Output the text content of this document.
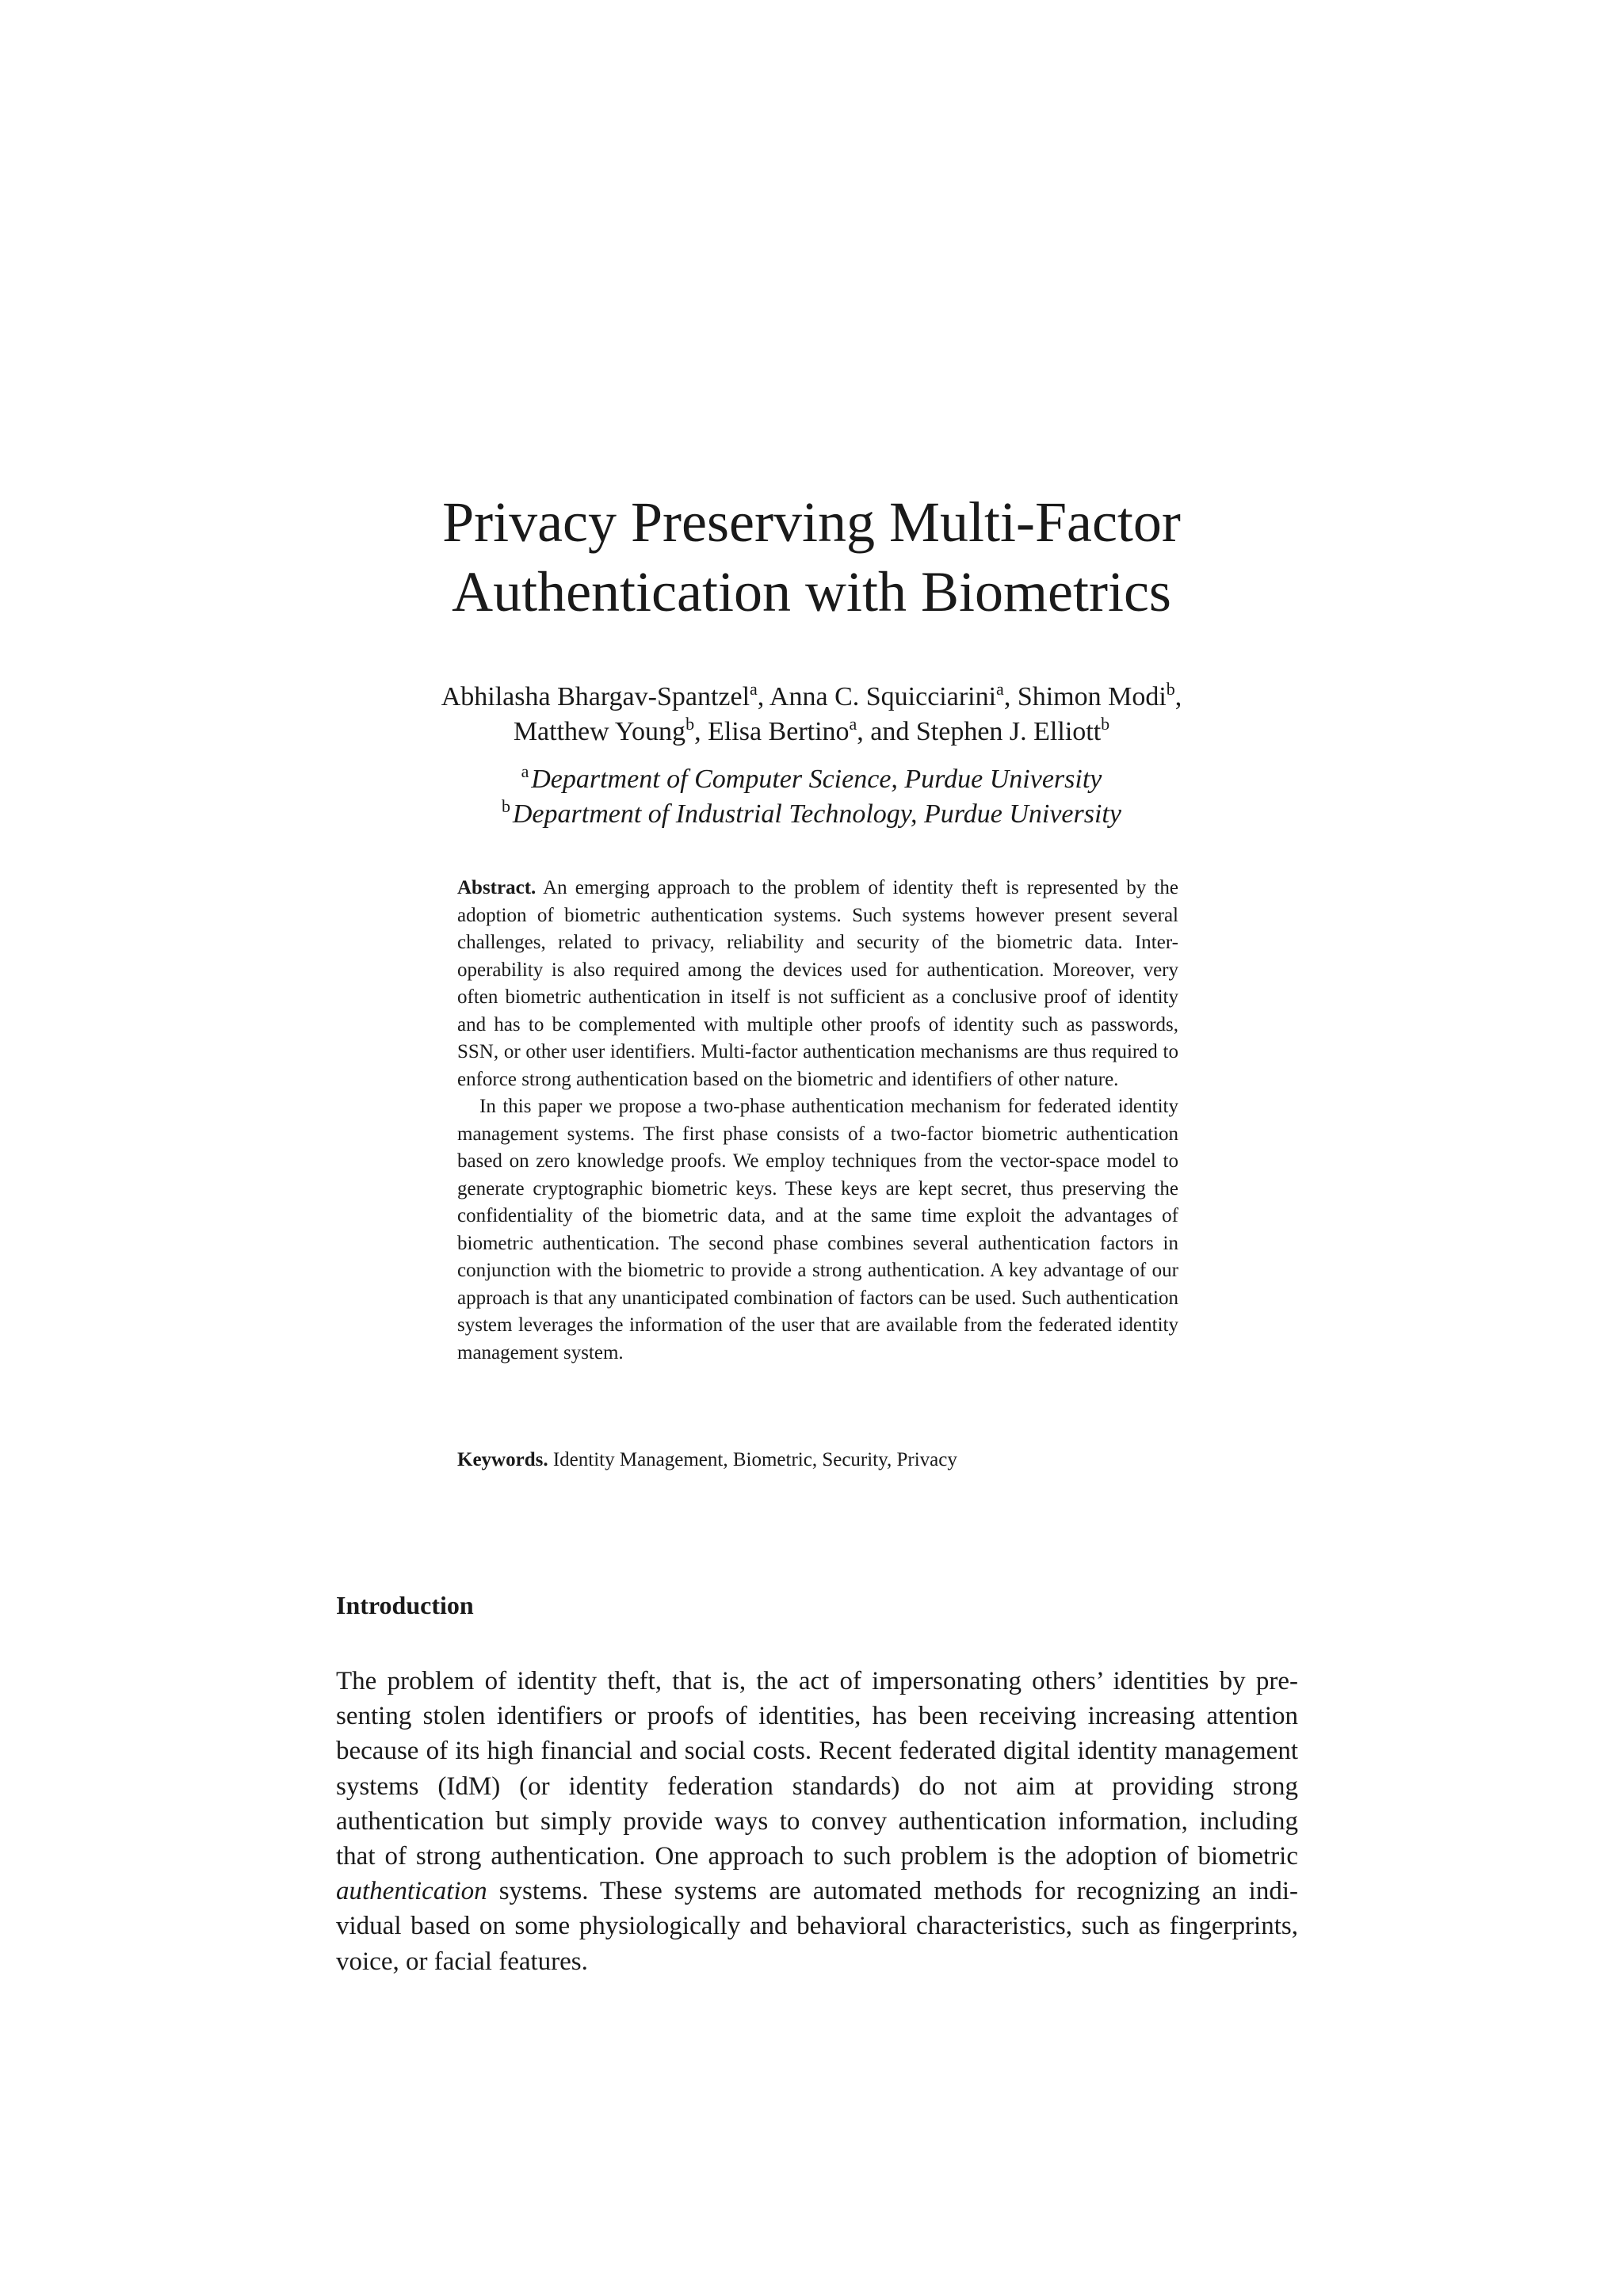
Privacy Preserving Multi-Factor
Authentication with Biometrics
Abhilasha Bhargav-Spantzel$^a$, Anna C. Squicciarini$^a$, Shimon Modi$^b$,
Matthew Young$^b$, Elisa Bertino$^a$, and Stephen J. Elliott$^b$
$^a$ Department of Computer Science, Purdue University
$^b$ Department of Industrial Technology, Purdue University

Abstract. An emerging approach to the problem of identity theft is represented by the adoption of biometric authentication systems. Such systems however present several challenges, related to privacy, reliability and security of the biometric data. Inter-operability is also required among the devices used for authentication. Moreover, very often biometric authentication in itself is not sufficient as a conclusive proof of identity and has to be complemented with multiple other proofs of identity such as passwords, SSN, or other user identifiers. Multi-factor authentication mechanisms are thus required to enforce strong authentication based on the biometric and identifiers of other nature.

In this paper we propose a two-phase authentication mechanism for federated identity management systems. The first phase consists of a two-factor biometric authentication based on zero knowledge proofs. We employ techniques from the vector-space model to generate cryptographic biometric keys. These keys are kept secret, thus preserving the confidentiality of the biometric data, and at the same time exploit the advantages of biometric authentication. The second phase combines several authentication factors in conjunction with the biometric to provide a strong authentication. A key advantage of our approach is that any unanticipated combination of factors can be used. Such authentication system leverages the information of the user that are available from the federated identity management system.

Keywords. Identity Management, Biometric, Security, Privacy
Introduction

The problem of identity theft, that is, the act of impersonating others’ identities by presenting stolen identifiers or proofs of identities, has been receiving increasing attention because of its high financial and social costs. Recent federated digital identity management systems (IdM) (or identity federation standards) do not aim at providing strong authentication but simply provide ways to convey authentication information, including that of strong authentication. One approach to such problem is the adoption of biometric authentication systems. These systems are automated methods for recognizing an individual based on some physiologically and behavioral characteristics, such as fingerprints, voice, or facial features.
